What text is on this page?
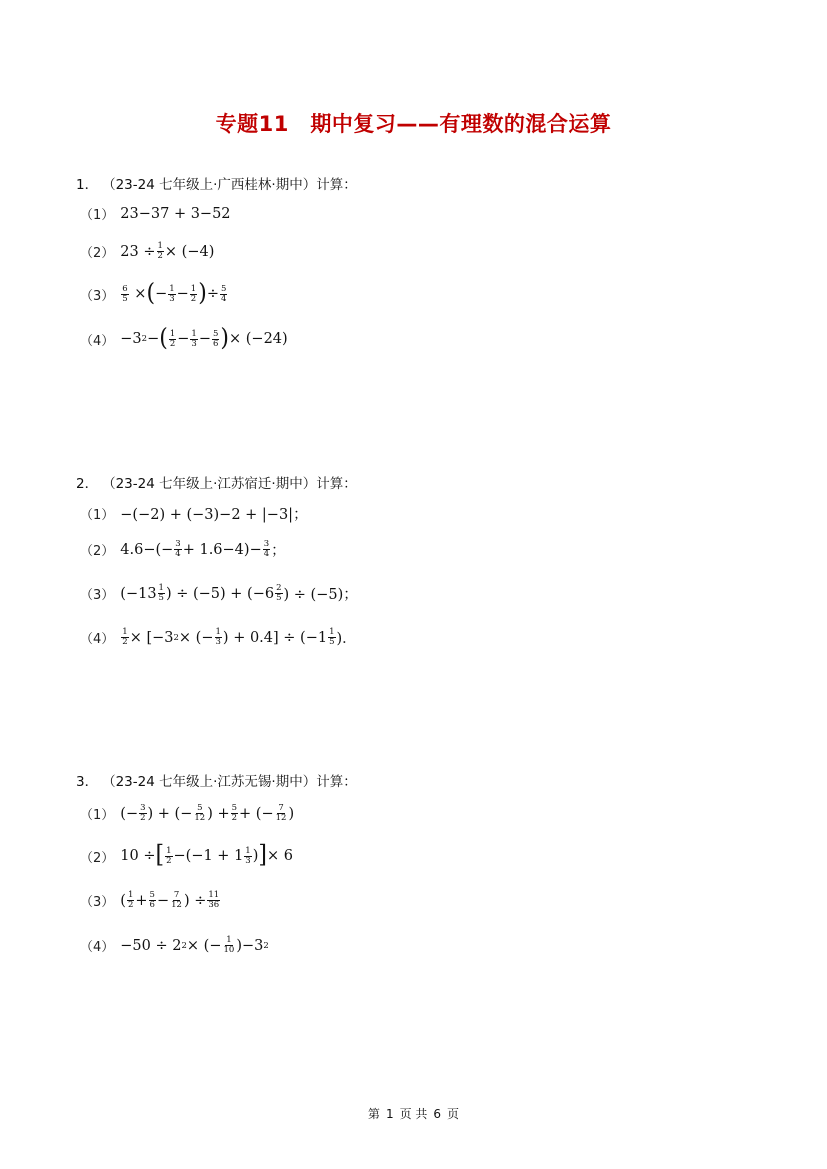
专题11　期中复习——有理数的混合运算
1． （23-24 七年级上·广西桂林·期中）计算：
（1） 23−37 + 3−52
（2） $23 \div \frac{1}{2} \times (-4)$
$(3) \frac{6}{5}$ × ( − $\frac{1}{3} - \frac{1}{2}$ ) ÷ $\frac{5}{4}$
（4） −3 2 − ( $\frac{1}{2} - \frac{1}{3} - \frac{5}{6}$ ) × (−24)
2． （23-24 七年级上·江苏宿迁·期中）计算：
（1） −(−2) + (−3)−2 + |−3|；
（2） $4.6-(- \frac{3}{4} + 1.6-4)- \frac{3}{4}$ ；
（3） ($-13 \frac{1}{5}$ ) ÷ $(-5) + (-6 \frac{2}{5}$ ) ÷ (−5)；
$(4) \frac{1}{2} \times [-3$ 2 × (− $\frac{1}{3}$ ) + $0.4] \div (-1 \frac{1}{5}$ )．
3． （23-24 七年级上·江苏无锡·期中）计算：
（1） (− $\frac{3}{2}$ ) + (− $\frac{5}{12}$ ) + $\frac{5}{2}$ + (− $\frac{7}{12}$ )
（2） 10 ÷ [ $\frac{1}{2} -(-1 + 1 \frac{1}{3}$ ) ] × 6
（3） ( $\frac{1}{2} + \frac{5}{6} - \frac{7}{12}$ ) ÷ $\frac{11}{36}$
（4） −50 ÷ 2 2 × (− $\frac{1}{10} )-3$ 2
第 1 页 共 6 页
